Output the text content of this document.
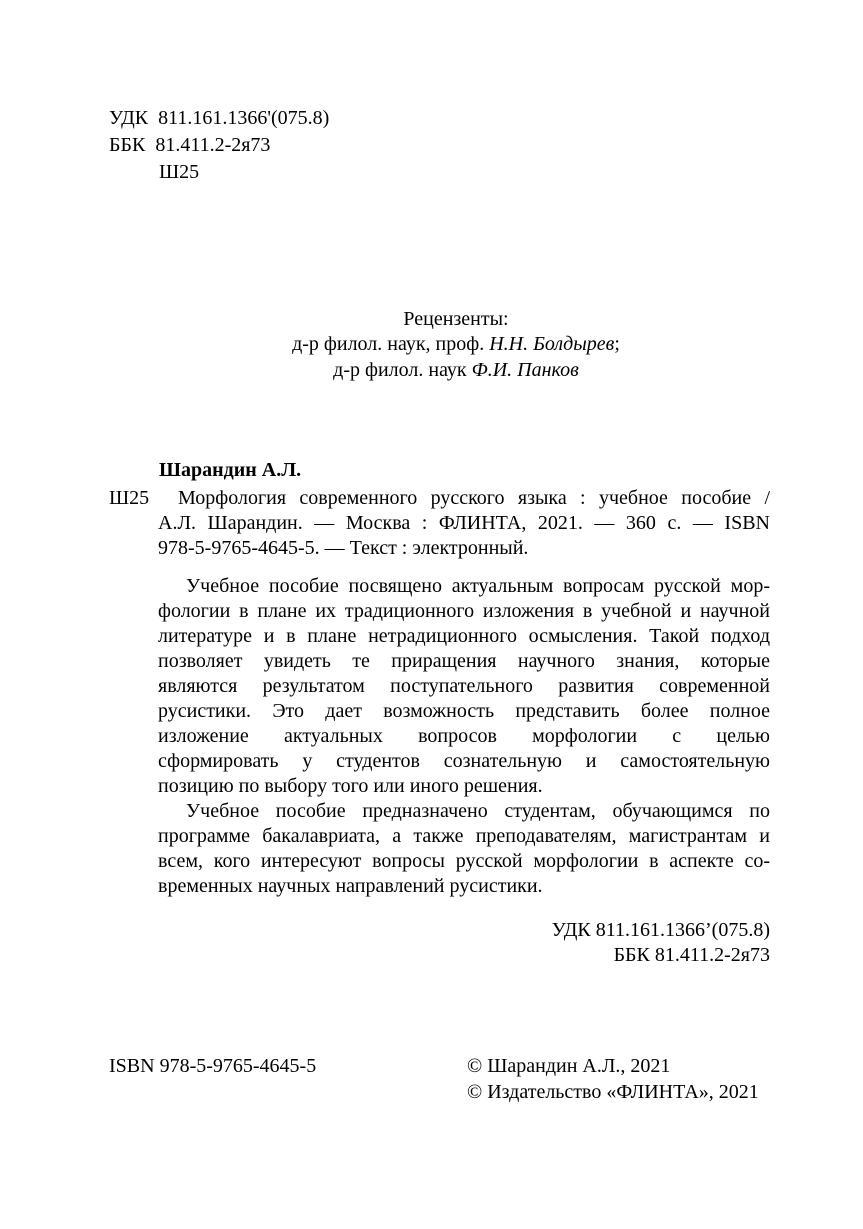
УДК 811.161.1366'(075.8)
ББК 81.411.2-2я73
Ш25
Рецензенты:
д-р филол. наук, проф. Н.Н. Болдырев;
д-р филол. наук Ф.И. Панков
Шарандин А.Л.
Ш25	Морфология современного русского языка : учебное пособие /
А.Л. Шарандин. — Москва : ФЛИНТА, 2021. — 360 с. — ISBN
978-5-9765-4645-5. — Текст : электронный.
Учебное пособие посвящено актуальным вопросам русской мор-
фологии в плане их традиционного изложения в учебной и научной
литературе и в плане нетрадиционного осмысления. Такой подход
позволяет увидеть те приращения научного знания, которые
являются результатом поступательного развития современной
русистики. Это дает возможность представить более полное
изложение актуальных вопросов морфологии с целью
сформировать у студентов сознательную и самостоятельную
позицию по выбору того или иного решения.
Учебное пособие предназначено студентам, обучающимся по
программе бакалавриата, а также преподавателям, магистрантам и
всем, кого интересуют вопросы русской морфологии в аспекте со-
временных научных направлений русистики.
УДК 811.161.1366’(075.8)
ББК 81.411.2-2я73
ISBN 978-5-9765-4645-5	© Шарандин А.Л., 2021
© Издательство «ФЛИНТА», 2021
